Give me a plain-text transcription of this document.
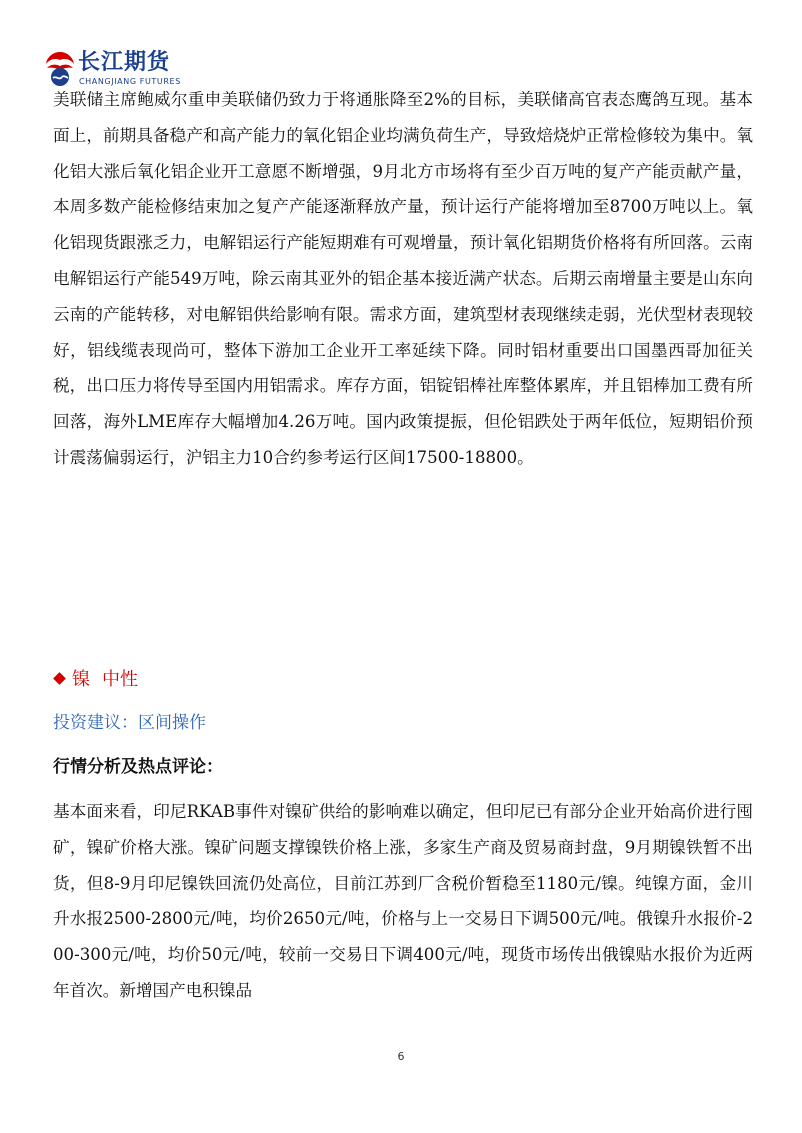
长江期货
CHANGJIANG FUTURES

美联储主席鲍威尔重申美联储仍致力于将通胀降至2%的目标，美联储高官表态鹰鸽互现。基本面上，前期具备稳产和高产能力的氧化铝企业均满负荷生产，导致焙烧炉正常检修较为集中。氧化铝大涨后氧化铝企业开工意愿不断增强，9月北方市场将有至少百万吨的复产产能贡献产量，本周多数产能检修结束加之复产产能逐渐释放产量，预计运行产能将增加至8700万吨以上。氧化铝现货跟涨乏力，电解铝运行产能短期难有可观增量，预计氧化铝期货价格将有所回落。云南电解铝运行产能549万吨，除云南其亚外的铝企基本接近满产状态。后期云南增量主要是山东向云南的产能转移，对电解铝供给影响有限。需求方面，建筑型材表现继续走弱，光伏型材表现较好，铝线缆表现尚可，整体下游加工企业开工率延续下降。同时铝材重要出口国墨西哥加征关税，出口压力将传导至国内用铝需求。库存方面，铝锭铝棒社库整体累库，并且铝棒加工费有所回落，海外LME库存大幅增加4.26万吨。国内政策提振，但伦铝跌处于两年低位，短期铝价预计震荡偏弱运行，沪铝主力10合约参考运行区间17500-18800。

镍 中性
投资建议：区间操作
行情分析及热点评论：

基本面来看，印尼RKAB事件对镍矿供给的影响难以确定，但印尼已有部分企业开始高价进行囤矿，镍矿价格大涨。镍矿问题支撑镍铁价格上涨，多家生产商及贸易商封盘，9月期镍铁暂不出货，但8-9月印尼镍铁回流仍处高位，目前江苏到厂含税价暂稳至1180元/镍。纯镍方面，金川升水报2500-2800元/吨，均价2650元/吨，价格与上一交易日下调500元/吨。俄镍升水报价-200-300元/吨，均价50元/吨，较前一交易日下调400元/吨，现货市场传出俄镍贴水报价为近两年首次。新增国产电积镍品

6
